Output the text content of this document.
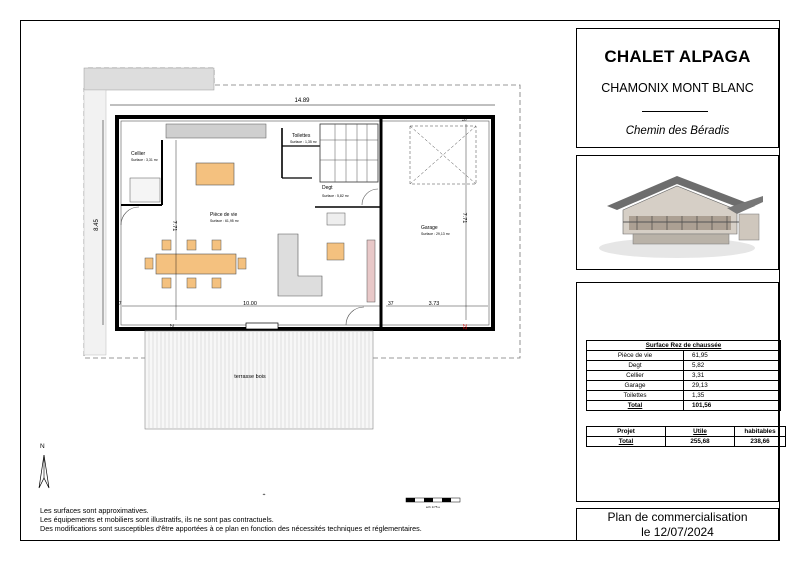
14.89
8.45
Cellier
Surface : 3,31 m²
Toilettes
Surface : 1,35 m²
Degt
Surface : 5,82 m²
Pièce de vie
Surface : 61,95 m²
Garage
Surface : 29,13 m²
terrasse bois
7.71
7.71
10.00	3.73
37	37
37
22	22
N
éch 1/75 e
⌖
CHALET ALPAGA
CHAMONIX MONT BLANC
Chemin des Béradis
Surface Rez de chaussée	
Pièce de vie	61,95
Degt	5,82
Cellier	3,31
Garage	29,13
Toilettes	1,35
Total	101,56
Projet	Utile	habitables
Total	255,68	238,66
Plan de commercialisation
le 12/07/2024
Les surfaces sont approximatives.
Les équipements et mobiliers sont illustratifs, ils ne sont pas contractuels.
Des modifications sont susceptibles d'être apportées à ce plan en fonction des nécessités techniques et réglementaires.
